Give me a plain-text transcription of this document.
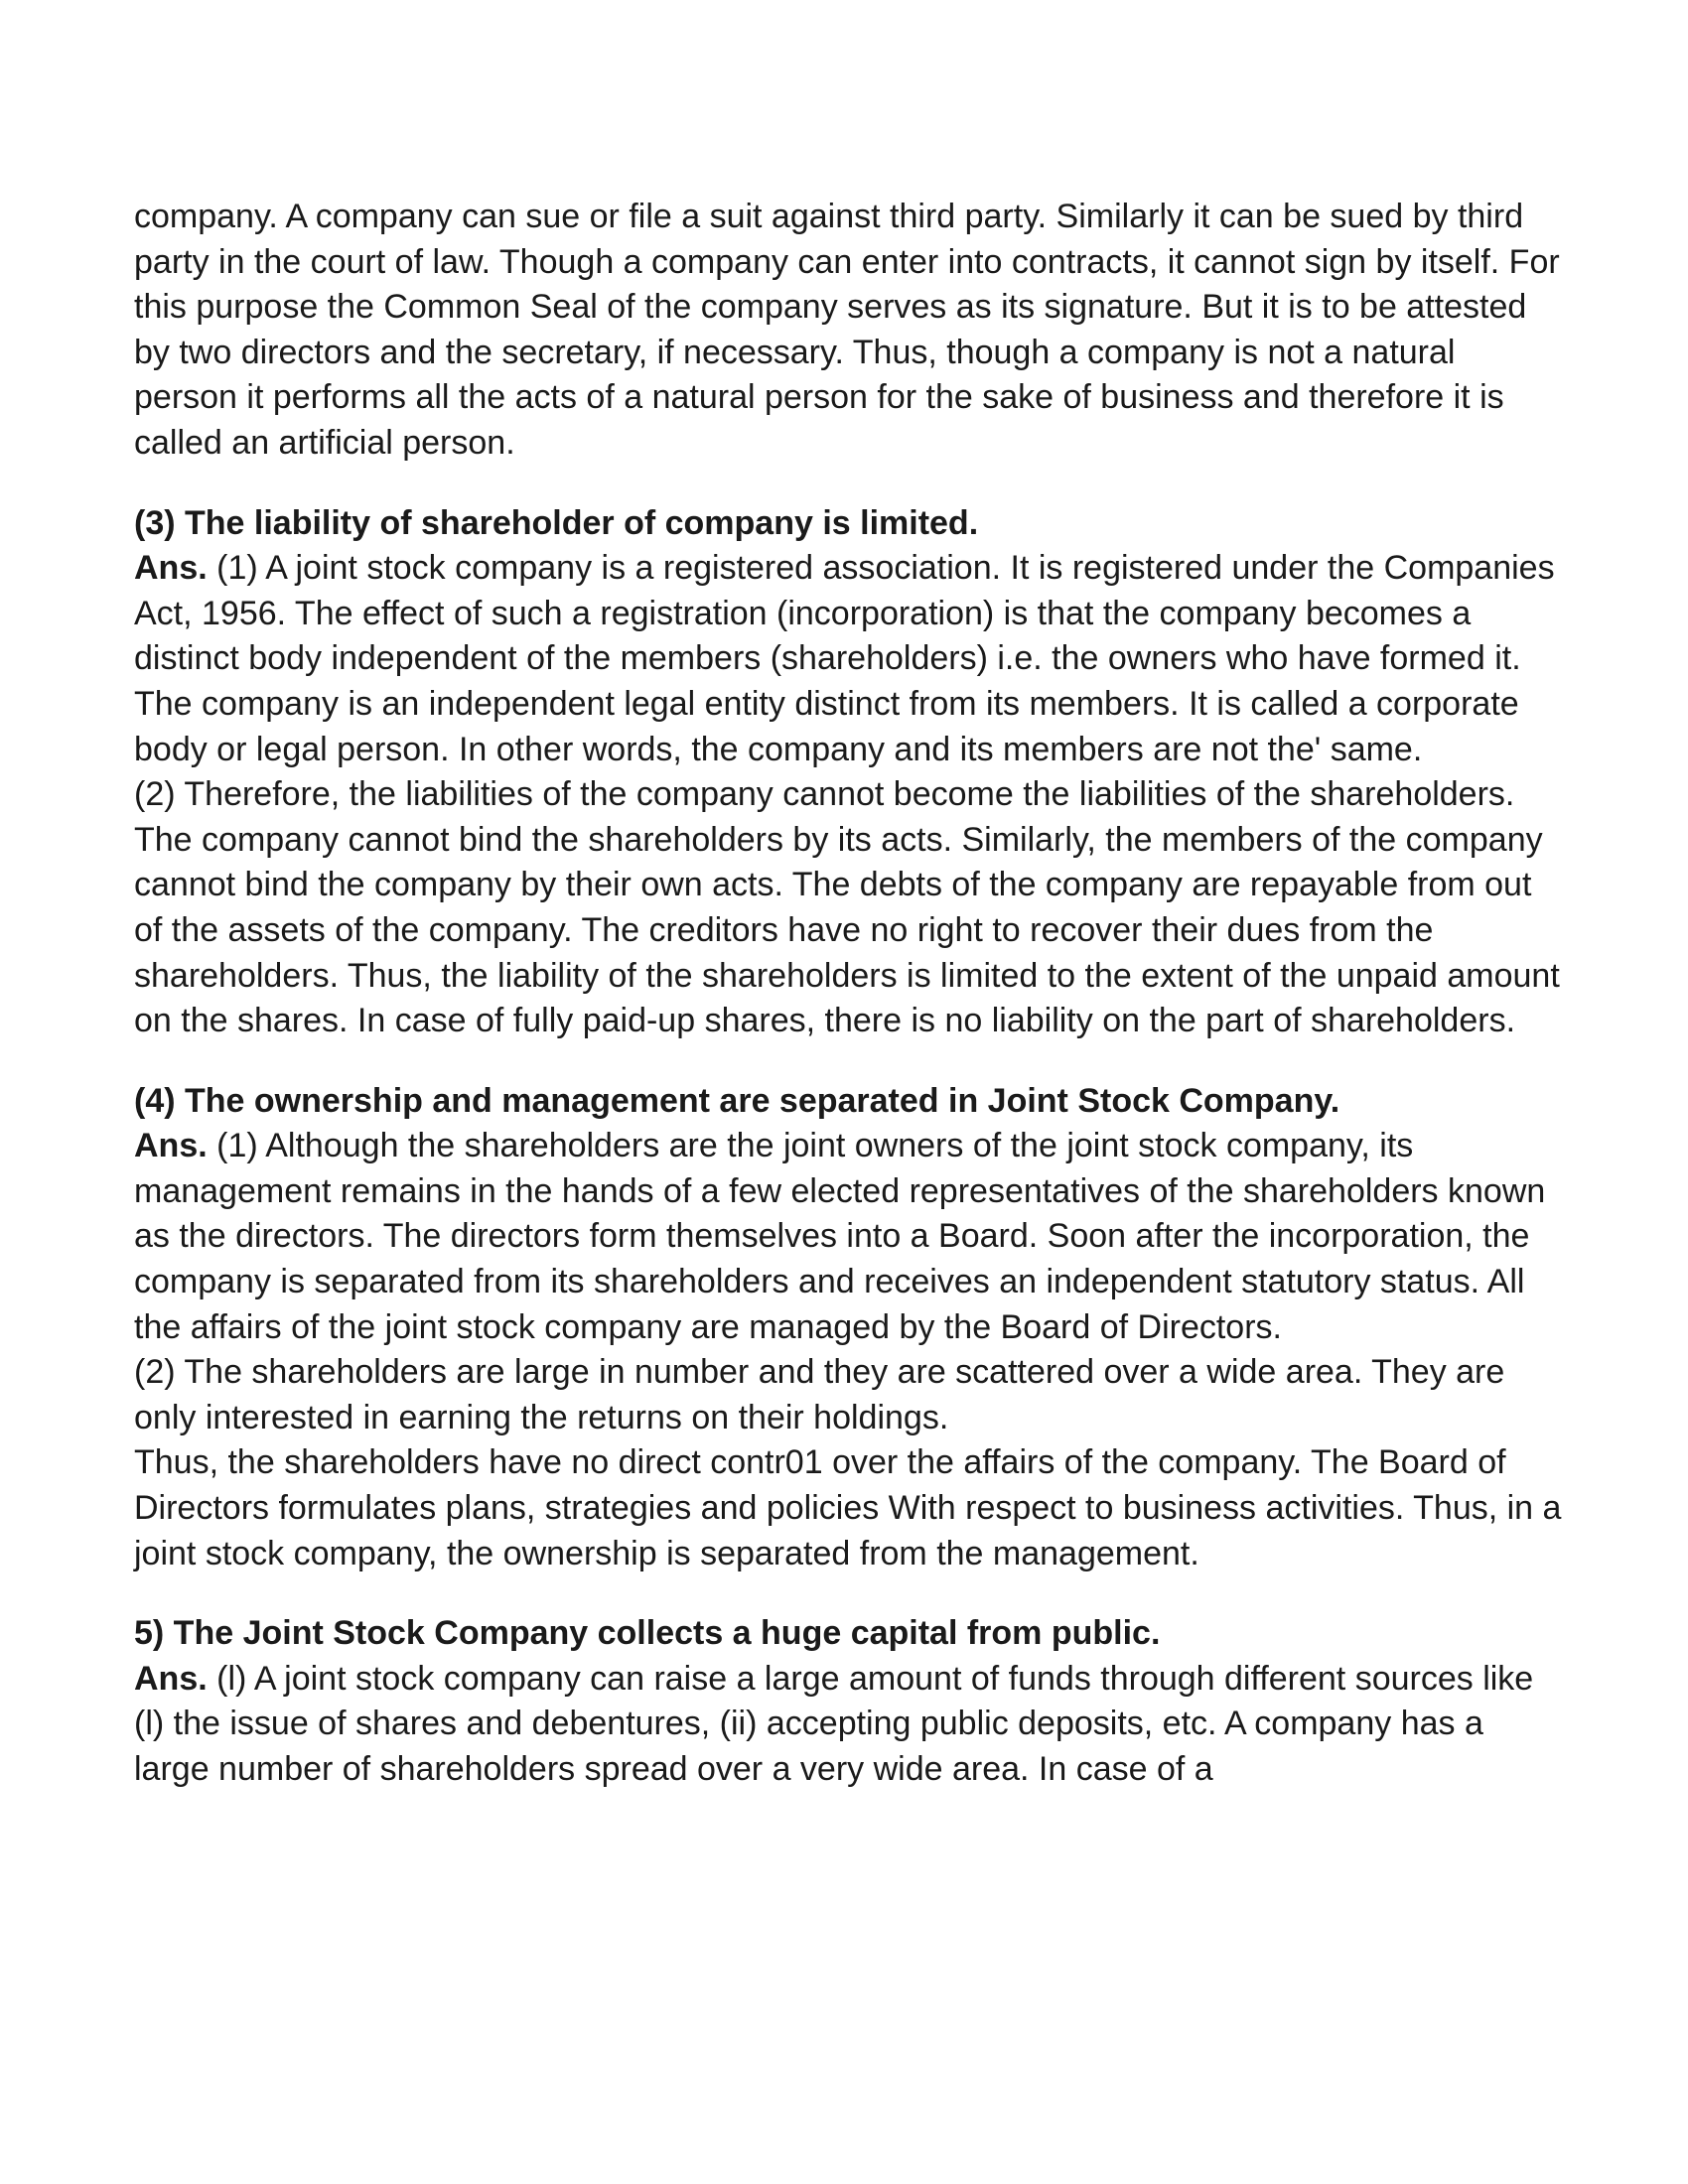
company. A company can sue or file a suit against third party. Similarly it can be sued by third party in the court of law. Though a company can enter into contracts, it cannot sign by itself. For this purpose the Common Seal of the company serves as its signature. But it is to be attested by two directors and the secretary, if necessary. Thus, though a company is not a natural person it performs all the acts of a natural person for the sake of business and therefore it is called an artificial person.

(3) The liability of shareholder of company is limited.

Ans. (1) A joint stock company is a registered association. It is registered under the Companies Act, 1956. The effect of such a registration (incorporation) is that the company becomes a distinct body independent of the members (shareholders) i.e. the owners who have formed it. The company is an independent legal entity distinct from its members. It is called a corporate body or legal person. In other words, the company and its members are not the' same.

(2) Therefore, the liabilities of the company cannot become the liabilities of the shareholders. The company cannot bind the shareholders by its acts. Similarly, the members of the company cannot bind the company by their own acts. The debts of the company are repayable from out of the assets of the company. The creditors have no right to recover their dues from the shareholders. Thus, the liability of the shareholders is limited to the extent of the unpaid amount on the shares. In case of fully paid-up shares, there is no liability on the part of shareholders.

(4) The ownership and management are separated in Joint Stock Company.

Ans. (1) Although the shareholders are the joint owners of the joint stock company, its management remains in the hands of a few elected representatives of the shareholders known as the directors. The directors form themselves into a Board. Soon after the incorporation, the company is separated from its shareholders and receives an independent statutory status. All the affairs of the joint stock company are managed by the Board of Directors.

(2) The shareholders are large in number and they are scattered over a wide area. They are only interested in earning the returns on their holdings.

Thus, the shareholders have no direct contr01 over the affairs of the company. The Board of Directors formulates plans, strategies and policies With respect to business activities. Thus, in a joint stock company, the ownership is separated from the management.

5) The Joint Stock Company collects a huge capital from public.

Ans. (l) A joint stock company can raise a large amount of funds through different sources like (l) the issue of shares and debentures, (ii) accepting public deposits, etc. A company has a large number of shareholders spread over a very wide area. In case of a
